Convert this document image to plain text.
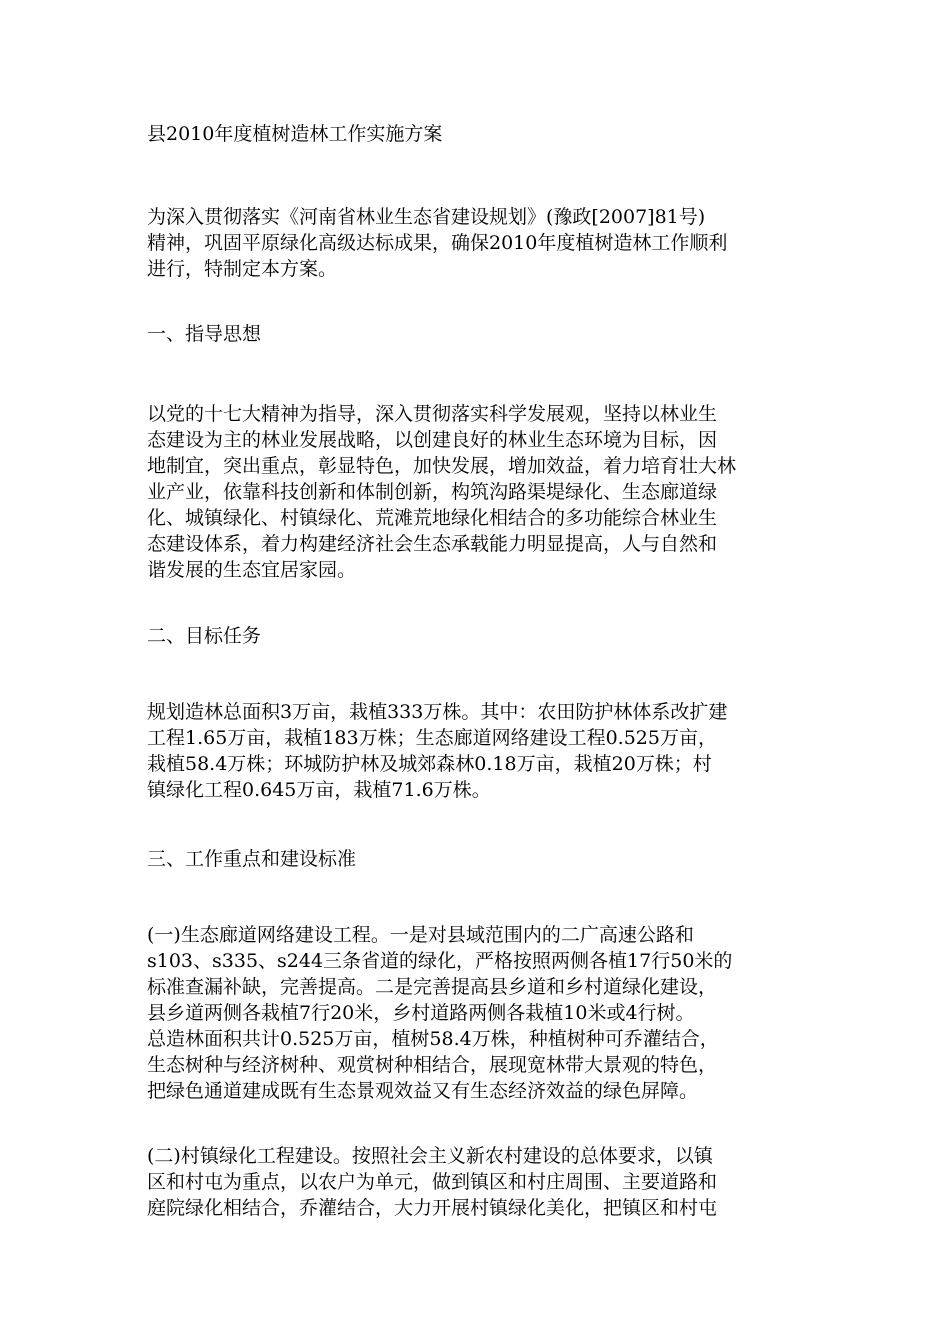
县2010年度植树造林工作实施方案

为深入贯彻落实《河南省林业生态省建设规划》(豫政[2007]81号)
精神，巩固平原绿化高级达标成果，确保2010年度植树造林工作顺利
进行，特制定本方案。

一、指导思想

以党的十七大精神为指导，深入贯彻落实科学发展观，坚持以林业生
态建设为主的林业发展战略，以创建良好的林业生态环境为目标，因
地制宜，突出重点，彰显特色，加快发展，增加效益，着力培育壮大林
业产业，依靠科技创新和体制创新，构筑沟路渠堤绿化、生态廊道绿
化、城镇绿化、村镇绿化、荒滩荒地绿化相结合的多功能综合林业生
态建设体系，着力构建经济社会生态承载能力明显提高，人与自然和
谐发展的生态宜居家园。

二、目标任务

规划造林总面积3万亩，栽植333万株。其中：农田防护林体系改扩建
工程1.65万亩，栽植183万株；生态廊道网络建设工程0.525万亩，
栽植58.4万株；环城防护林及城郊森林0.18万亩，栽植20万株；村
镇绿化工程0.645万亩，栽植71.6万株。

三、工作重点和建设标准

(一)生态廊道网络建设工程。一是对县域范围内的二广高速公路和
s103、s335、s244三条省道的绿化，严格按照两侧各植17行50米的
标准查漏补缺，完善提高。二是完善提高县乡道和乡村道绿化建设，
县乡道两侧各栽植7行20米，乡村道路两侧各栽植10米或4行树。
总造林面积共计0.525万亩，植树58.4万株，种植树种可乔灌结合，
生态树种与经济树种、观赏树种相结合，展现宽林带大景观的特色，
把绿色通道建成既有生态景观效益又有生态经济效益的绿色屏障。

(二)村镇绿化工程建设。按照社会主义新农村建设的总体要求，以镇
区和村屯为重点，以农户为单元，做到镇区和村庄周围、主要道路和
庭院绿化相结合，乔灌结合，大力开展村镇绿化美化，把镇区和村屯
